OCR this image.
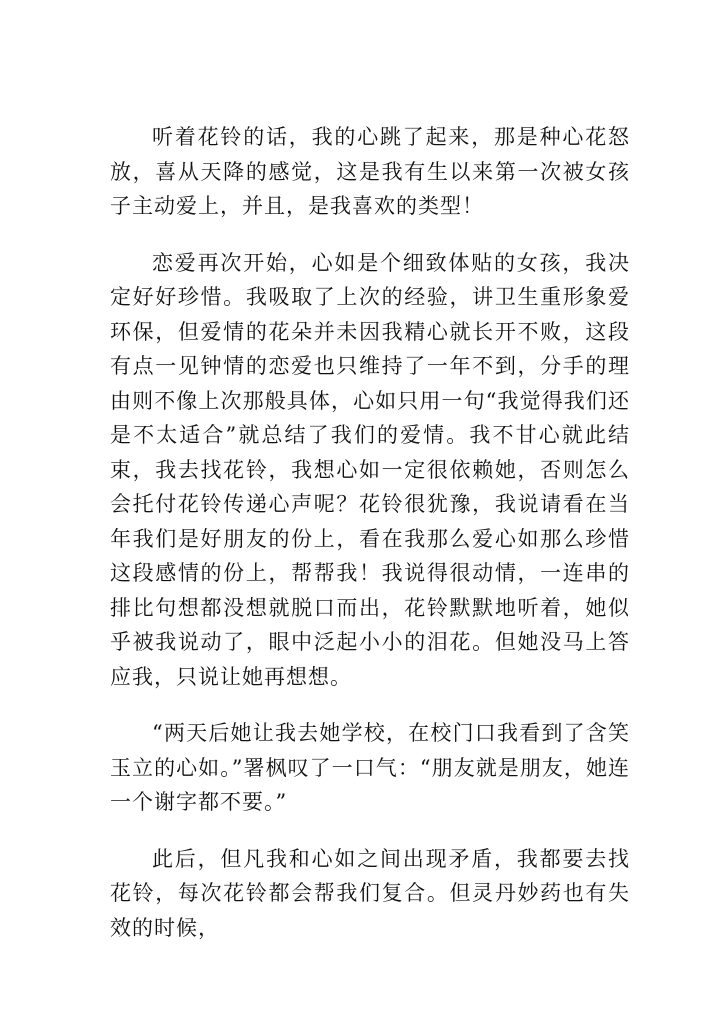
听着花铃的话，我的心跳了起来，那是种心花怒放，喜从天降的感觉，这是我有生以来第一次被女孩子主动爱上，并且，是我喜欢的类型！

恋爱再次开始，心如是个细致体贴的女孩，我决定好好珍惜。我吸取了上次的经验，讲卫生重形象爱环保，但爱情的花朵并未因我精心就长开不败，这段有点一见钟情的恋爱也只维持了一年不到，分手的理由则不像上次那般具体，心如只用一句“我觉得我们还是不太适合”就总结了我们的爱情。我不甘心就此结束，我去找花铃，我想心如一定很依赖她，否则怎么会托付花铃传递心声呢？花铃很犹豫，我说请看在当年我们是好朋友的份上，看在我那么爱心如那么珍惜这段感情的份上，帮帮我！我说得很动情，一连串的排比句想都没想就脱口而出，花铃默默地听着，她似乎被我说动了，眼中泛起小小的泪花。但她没马上答应我，只说让她再想想。

“两天后她让我去她学校，在校门口我看到了含笑玉立的心如。”署枫叹了一口气：“朋友就是朋友，她连一个谢字都不要。”

此后，但凡我和心如之间出现矛盾，我都要去找花铃，每次花铃都会帮我们复合。但灵丹妙药也有失效的时候，
